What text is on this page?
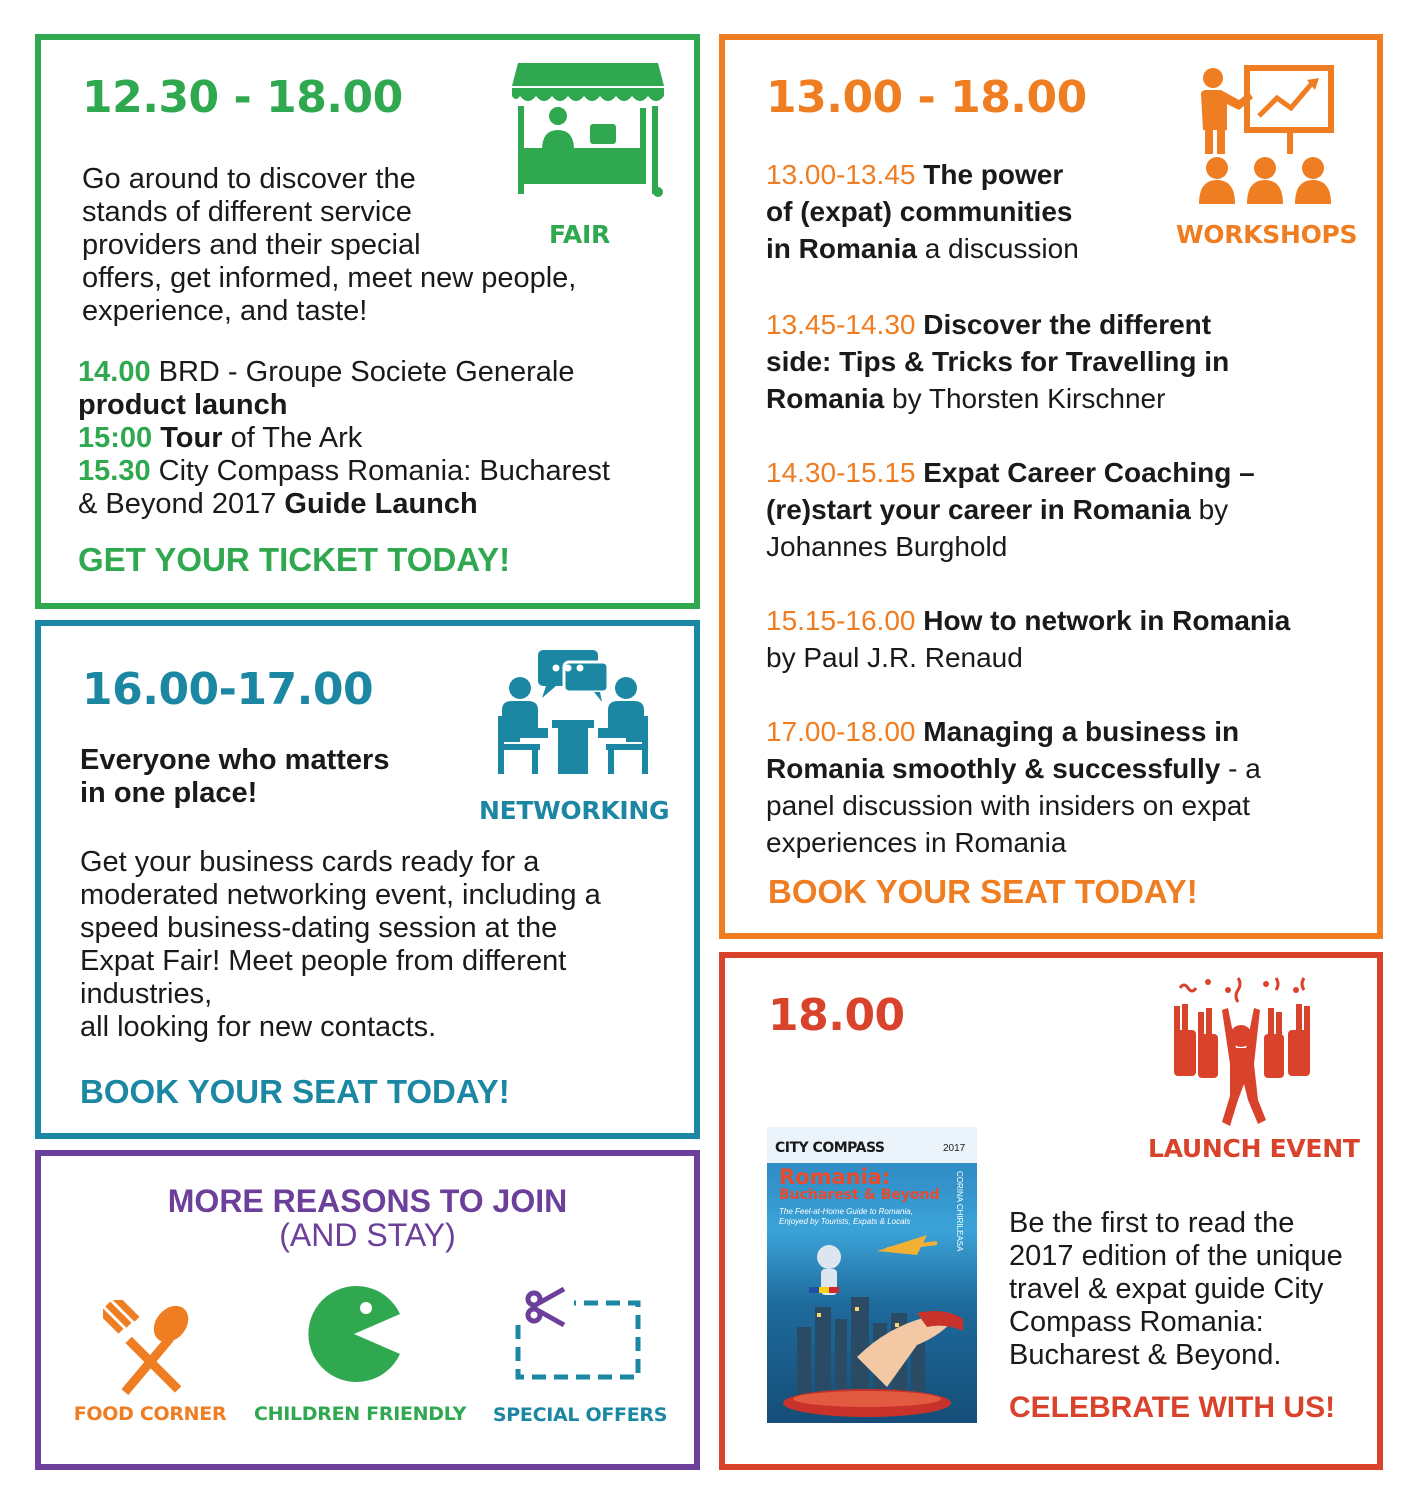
12.30 - 18.00
FAIR
Go around to discover the
stands of different service
providers and their special
offers, get informed, meet new people,
experience, and taste!
14.00 BRD - Groupe Societe Generale
product launch
15:00 Tour of The Ark
15.30 City Compass Romania: Bucharest
& Beyond 2017 Guide Launch
GET YOUR TICKET TODAY!
16.00-17.00
NETWORKING
Everyone who matters
in one place!
Get your business cards ready for a
moderated networking event, including a
speed business-dating session at the
Expat Fair! Meet people from different
industries,
all looking for new contacts.
BOOK YOUR SEAT TODAY!
MORE REASONS TO JOIN
(AND STAY)
FOOD CORNER	CHILDREN FRIENDLY	SPECIAL OFFERS
13.00 - 18.00
WORKSHOPS
13.00-13.45 The power
of (expat) communities
in Romania a discussion
13.45-14.30 Discover the different
side: Tips & Tricks for Travelling in
Romania by Thorsten Kirschner
14.30-15.15 Expat Career Coaching –
(re)start your career in Romania by
Johannes Burghold
15.15-16.00 How to network in Romania
by Paul J.R. Renaud
17.00-18.00 Managing a business in
Romania smoothly & successfully - a
panel discussion with insiders on expat
experiences in Romania
BOOK YOUR SEAT TODAY!
18.00
LAUNCH EVENT
CITY COMPASS	2017
Romania:
Bucharest & Beyond
The Feel-at-Home Guide to Romania, Enjoyed by Tourists, Expats & Locals	CORINA CHIRILEASA Be the first to read the
2017 edition of the unique
travel & expat guide City
Compass Romania:
Bucharest & Beyond.
CELEBRATE WITH US!
